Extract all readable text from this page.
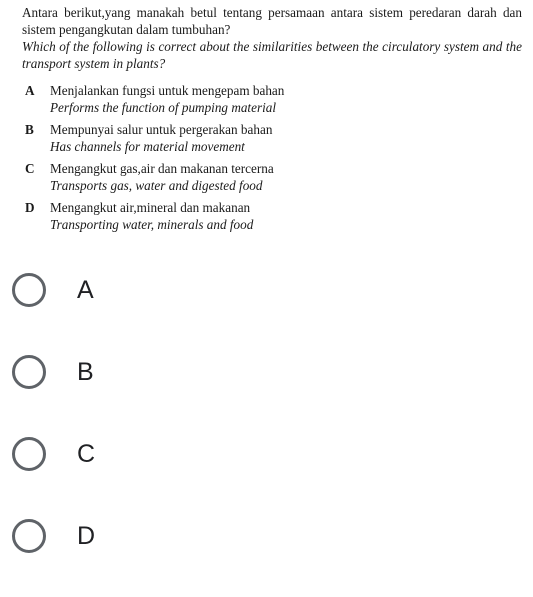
Antara berikut,yang manakah betul tentang persamaan antara sistem peredaran darah dan sistem pengangkutan dalam tumbuhan?
Which of the following is correct about the similarities between the circulatory system and the transport system in plants?
A	Menjalankan fungsi untuk mengepam bahan
Performs the function of pumping material
B	Mempunyai salur untuk pergerakan bahan
Has channels for material movement
C	Mengangkut gas,air dan makanan tercerna
Transports gas, water and digested food
D	Mengangkut air,mineral dan makanan
Transporting water, minerals and food
A
B
C
D
